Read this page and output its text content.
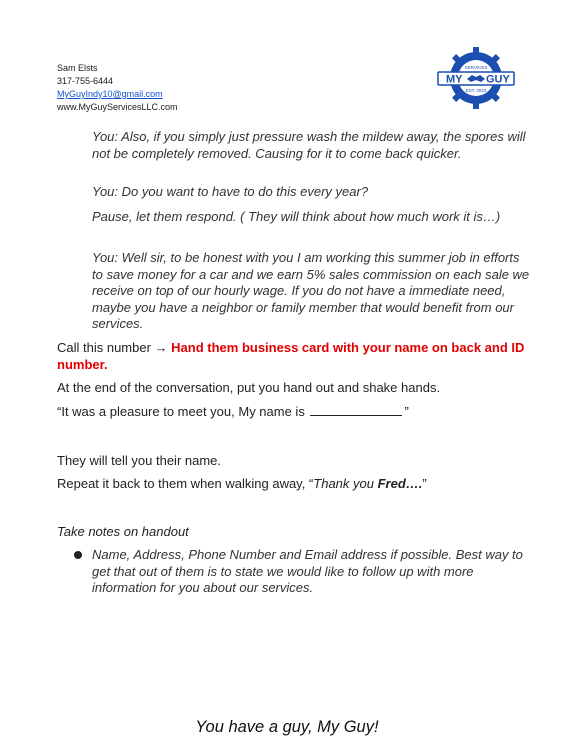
Sam Elsts
317-755-6444
MyGuyIndy10@gmail.com
www.MyGuyServicesLLC.com
MY GUY
SERVICES
EST. 2023
You: Also, if you simply just pressure wash the mildew away, the spores will not be completely removed. Causing for it to come back quicker.
You: Do you want to have to do this every year?
Pause, let them respond. ( They will think about how much work it is…)
You: Well sir, to be honest with you I am working this summer job in efforts to save money for a car and we earn 5% sales commission on each sale we receive on top of our hourly wage. If you do not have a immediate need, maybe you have a neighbor or family member that would benefit from our services.
Call this number → Hand them business card with your name on back and ID number.
At the end of the conversation, put you hand out and shake hands.
“It was a pleasure to meet you, My name is	”
They will tell you their name.
Repeat it back to them when walking away, “Thank you Fred….”
Take notes on handout
Name, Address, Phone Number and Email address if possible. Best way to get that out of them is to state we would like to follow up with more information for you about our services.
You have a guy, My Guy!
